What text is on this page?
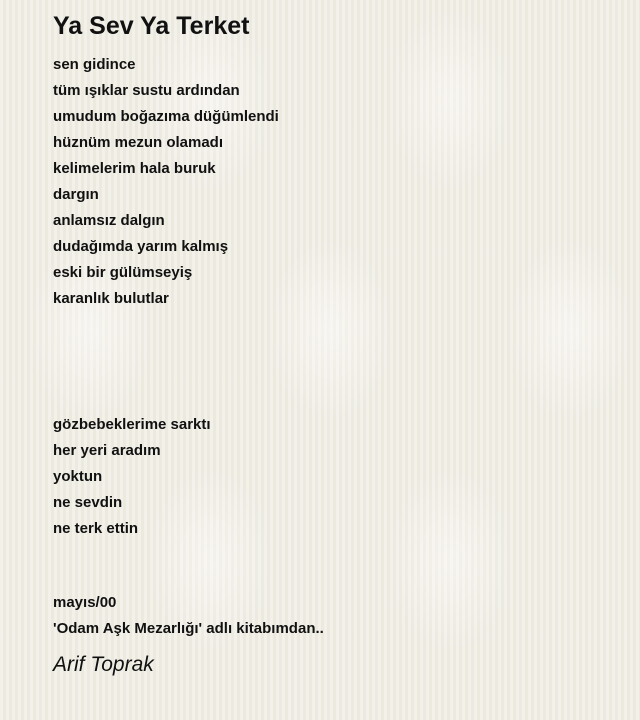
Ya Sev Ya Terket
sen gidince
tüm ışıklar sustu ardından
umudum boğazıma düğümlendi
hüznüm mezun olamadı
kelimelerim hala buruk
dargın
anlamsız dalgın
dudağımda yarım kalmış
eski bir gülümseyiş
karanlık bulutlar
gözbebeklerime sarktı
her yeri aradım
yoktun
ne sevdin
ne terk ettin
mayıs/00
'Odam Aşk Mezarlığı' adlı kitabımdan..
Arif Toprak
